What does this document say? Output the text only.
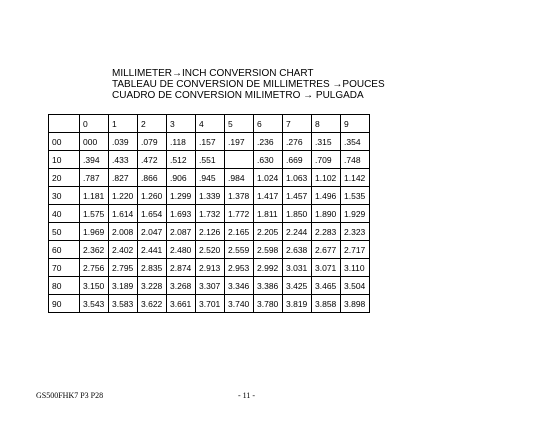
MILLIMETER→INCH CONVERSION CHART
TABLEAU DE CONVERSION DE MILLIMETRES →POUCES
CUADRO DE CONVERSION MILIMETRO → PULGADA
	0	1	2	3	4	5	6	7	8	9
00	000	.039	.079	.118	.157	.197	.236	.276	.315	.354
10	.394	.433	.472	.512	.551		.630	.669	.709	.748
20	.787	.827	.866	.906	.945	.984	1.024	1.063	1.102	1.142
30	1.181	1.220	1.260	1.299	1.339	1.378	1.417	1.457	1.496	1.535
40	1.575	1.614	1.654	1.693	1.732	1.772	1.811	1.850	1.890	1.929
50	1.969	2.008	2.047	2.087	2.126	2.165	2.205	2.244	2.283	2.323
60	2.362	2.402	2.441	2.480	2.520	2.559	2.598	2.638	2.677	2.717
70	2.756	2.795	2.835	2.874	2.913	2.953	2.992	3.031	3.071	3.110
80	3.150	3.189	3.228	3.268	3.307	3.346	3.386	3.425	3.465	3.504
90	3.543	3.583	3.622	3.661	3.701	3.740	3.780	3.819	3.858	3.898
GS500FHK7 P3 P28	- 11 -
